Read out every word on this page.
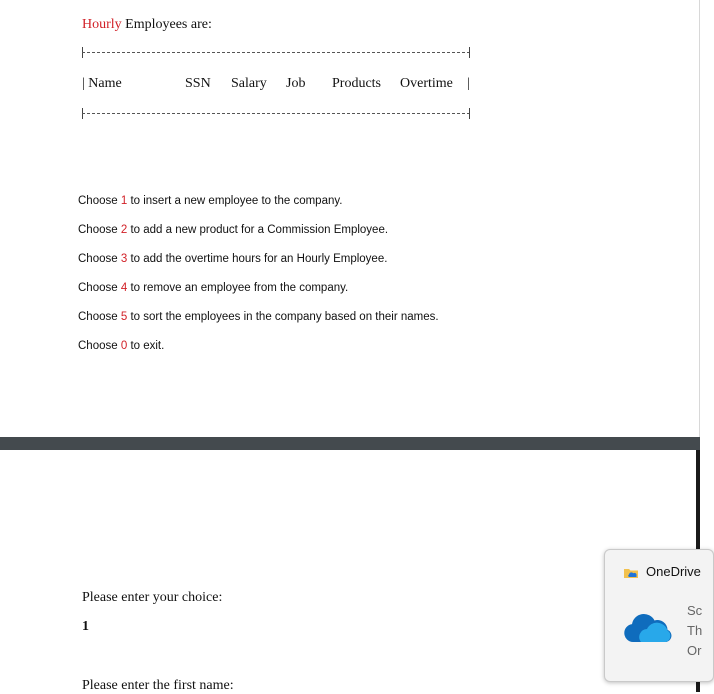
Hourly Employees are:
| Name	SSN Salary Job Products Overtime |
Choose 1 to insert a new employee to the company.
Choose 2 to add a new product for a Commission Employee.
Choose 3 to add the overtime hours for an Hourly Employee.
Choose 4 to remove an employee from the company.
Choose 5 to sort the employees in the company based on their names.
Choose 0 to exit.
Please enter your choice:
1
Please enter the first name:
OneDrive
Sc
Th
Or
